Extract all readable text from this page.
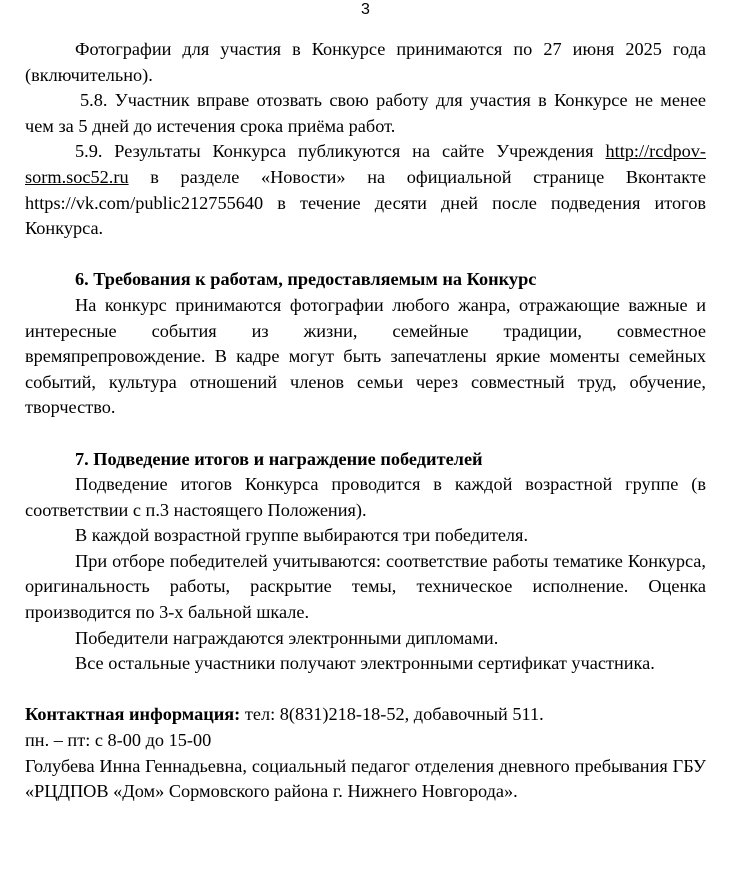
3

Фотографии для участия в Конкурсе принимаются по 27 июня 2025 года (включительно).

5.8. Участник вправе отозвать свою работу для участия в Конкурсе не менее чем за 5 дней до истечения срока приёма работ.

5.9. Результаты Конкурса публикуются на сайте Учреждения http://rcdpov-sorm.soc52.ru в разделе «Новости» на официальной странице Вконтакте https://vk.com/public212755640 в течение десяти дней после подведения итогов Конкурса.

6. Требования к работам, предоставляемым на Конкурс

На конкурс принимаются фотографии любого жанра, отражающие важные и интересные события из жизни, семейные традиции, совместное времяпрепровождение. В кадре могут быть запечатлены яркие моменты семейных событий, культура отношений членов семьи через совместный труд, обучение, творчество.

7. Подведение итогов и награждение победителей

Подведение итогов Конкурса проводится в каждой возрастной группе (в соответствии с п.3 настоящего Положения).

В каждой возрастной группе выбираются три победителя.

При отборе победителей учитываются: соответствие работы тематике Конкурса, оригинальность работы, раскрытие темы, техническое исполнение. Оценка производится по 3-х бальной шкале.

Победители награждаются электронными дипломами.

Все остальные участники получают электронными сертификат участника.

Контактная информация: тел: 8(831)218-18-52, добавочный 511.

пн. – пт: с 8-00 до 15-00

Голубева Инна Геннадьевна, социальный педагог отделения дневного пребывания ГБУ «РЦДПОВ «Дом» Сормовского района г. Нижнего Новгорода».
